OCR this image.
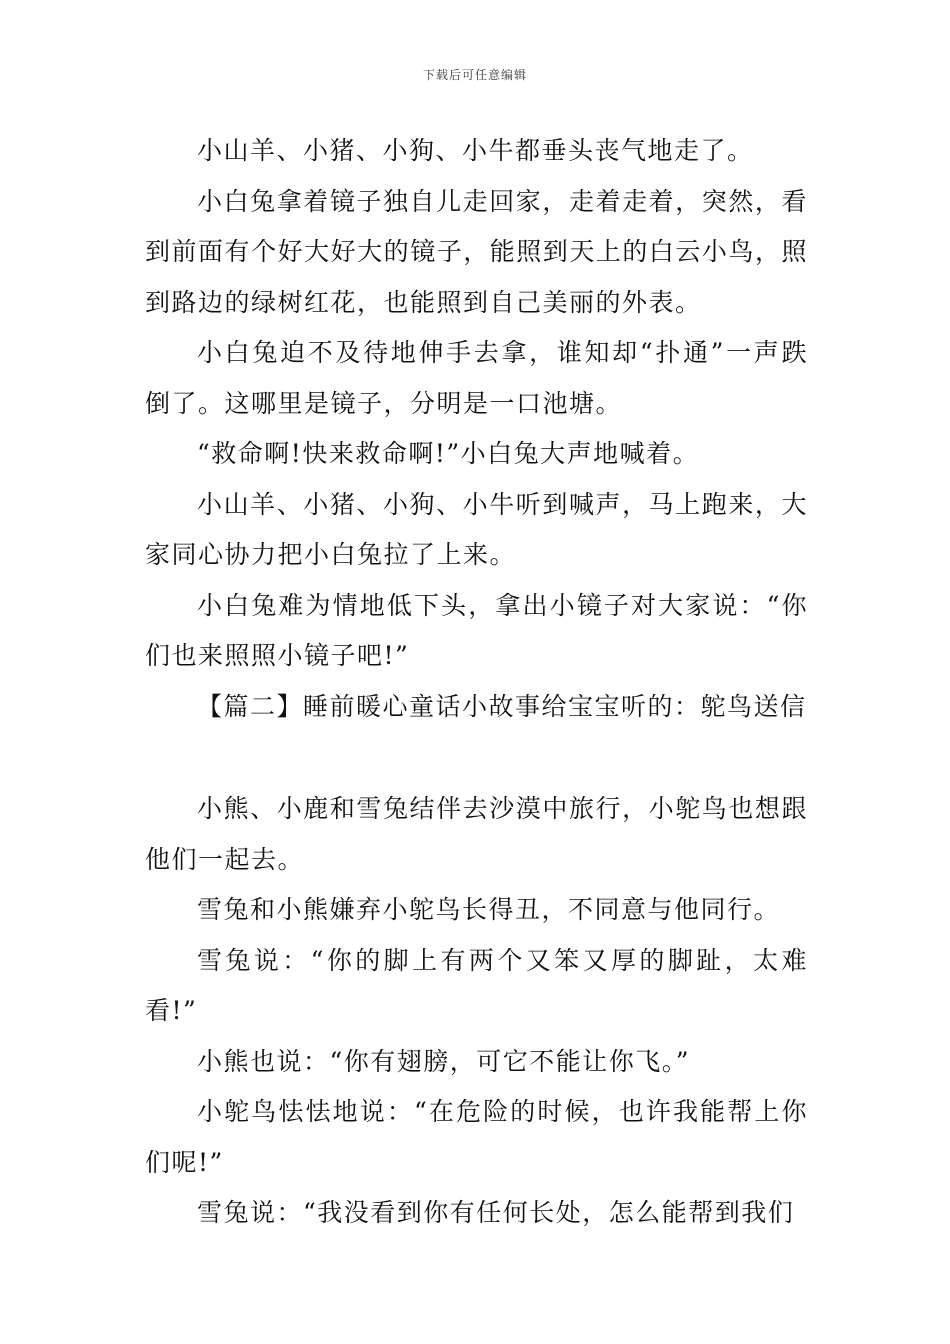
下载后可任意编辑

小山羊、小猪、小狗、小牛都垂头丧气地走了。

小白兔拿着镜子独自儿走回家，走着走着，突然，看到前面有个好大好大的镜子，能照到天上的白云小鸟，照到路边的绿树红花，也能照到自己美丽的外表。

小白兔迫不及待地伸手去拿，谁知却“扑通”一声跌倒了。这哪里是镜子，分明是一口池塘。

“救命啊!快来救命啊!”小白兔大声地喊着。

小山羊、小猪、小狗、小牛听到喊声，马上跑来，大家同心协力把小白兔拉了上来。

小白兔难为情地低下头，拿出小镜子对大家说：“你们也来照照小镜子吧!”

【篇二】睡前暖心童话小故事给宝宝听的：鸵鸟送信

小熊、小鹿和雪兔结伴去沙漠中旅行，小鸵鸟也想跟他们一起去。

雪兔和小熊嫌弃小鸵鸟长得丑，不同意与他同行。

雪兔说：“你的脚上有两个又笨又厚的脚趾，太难看!”

小熊也说：“你有翅膀，可它不能让你飞。”

小鸵鸟怯怯地说：“在危险的时候，也许我能帮上你们呢!”

雪兔说：“我没看到你有任何长处，怎么能帮到我们
